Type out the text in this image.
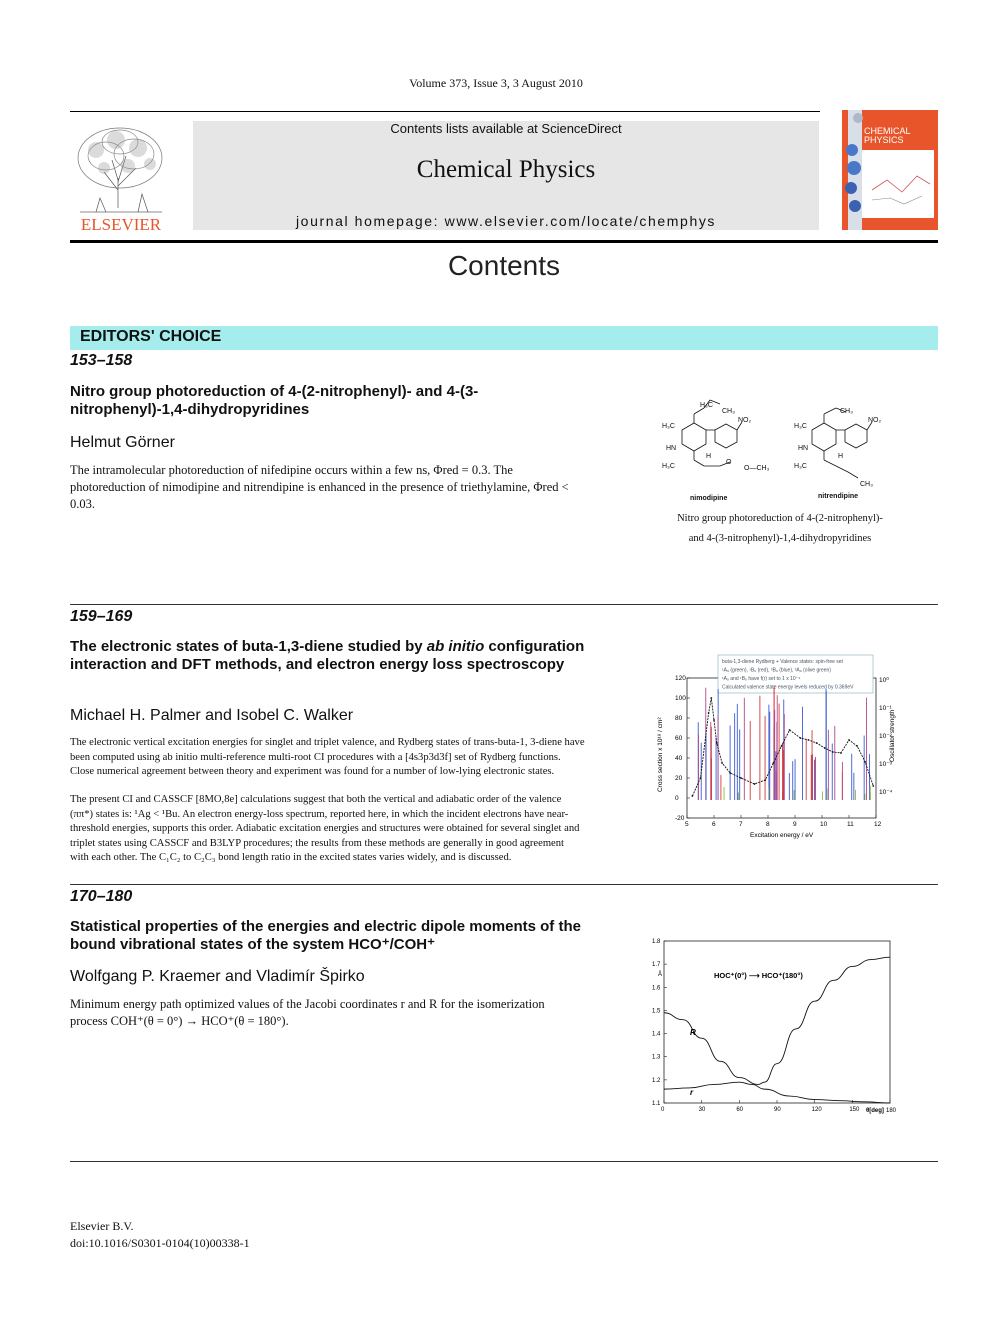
Volume 373, Issue 3, 3 August 2010
ELSEVIER
Contents lists available at ScienceDirect
Chemical Physics
journal homepage: www.elsevier.com/locate/chemphys
CHEMICAL
PHYSICS
Contents
EDITORS' CHOICE
153–158
Nitro group photoreduction of 4-(2-nitrophenyl)- and 4-(3-nitrophenyl)-1,4-dihydropyridines
Helmut Görner
The intramolecular photoreduction of nifedipine occurs within a few ns, Φred = 0.3. The photoreduction of nimodipine and nitrendipine is enhanced in the presence of triethylamine, Φred < 0.03.
H₃C
CH₃
H₃C
HN
H₃C
NO₂
H
O
O—CH₃
nimodipine
CH₃
H₃C
HN
H₃C
NO₂
H
CH₃
nitrendipine
Nitro group photoreduction of 4-(2-nitrophenyl)-
and 4-(3-nitrophenyl)-1,4-dihydropyridines
159–169
The electronic states of buta-1,3-diene studied by ab initio configuration interaction and DFT methods, and electron energy loss spectroscopy
Michael H. Palmer and Isobel C. Walker
The electronic vertical excitation energies for singlet and triplet valence, and Rydberg states of trans-buta-1, 3-diene have been computed using ab initio multi-reference multi-root CI procedures with a [4s3p3d3f] set of Rydberg functions. Close numerical agreement between theory and experiment was found for a number of low-lying electronic states.
The present CI and CASSCF [8MO,8e] calculations suggest that both the vertical and adiabatic order of the valence (ππ*) states is: ¹Ag < ¹Bu. An electron energy-loss spectrum, reported here, in which the incident electrons have near-threshold energies, supports this order. Adiabatic excitation energies and structures were obtained for several singlet and triplet states using CASSCF and B3LYP procedures; the results from these methods are generally in good agreement with each other. The C₁C₂ to C₂C₃ bond length ratio in the excited states varies widely, and is discussed.
buta-1,3-diene Rydberg + Valence states: spin-free set
¹A₉ (green), ¹Bᵤ (red), ³Bᵤ (blue), ³A₉ (olive green)
¹Aᵤ and ¹B₉ have f(r) set to 1 x 10⁻⁴
Calculated valence state energy levels reduced by 0.369eV
5	6	7	8	9	10	11	12
-20
0
20
40
60
80
100
120	10⁰
10⁻¹
10⁻²
10⁻³
10⁻⁴
Excitation energy / eV
Cross section x 10¹⁸ / cm²	Oscillator strength
170–180
Statistical properties of the energies and electric dipole moments of the bound vibrational states of the system HCO⁺/COH⁺
Wolfgang P. Kraemer and Vladimír Špirko
Minimum energy path optimized values of the Jacobi coordinates r and R for the isomerization process COH⁺(θ = 0°) → HCO⁺(θ = 180°).
0	30	60	90	120	150	180
1.1
1.2
1.3
1.4
1.5
1.6
1.7
1.8
HOC⁺(0°) ⟶ HCO⁺(180°)
Å
θ[deg]
R
r
Elsevier B.V.
doi:10.1016/S0301-0104(10)00338-1
